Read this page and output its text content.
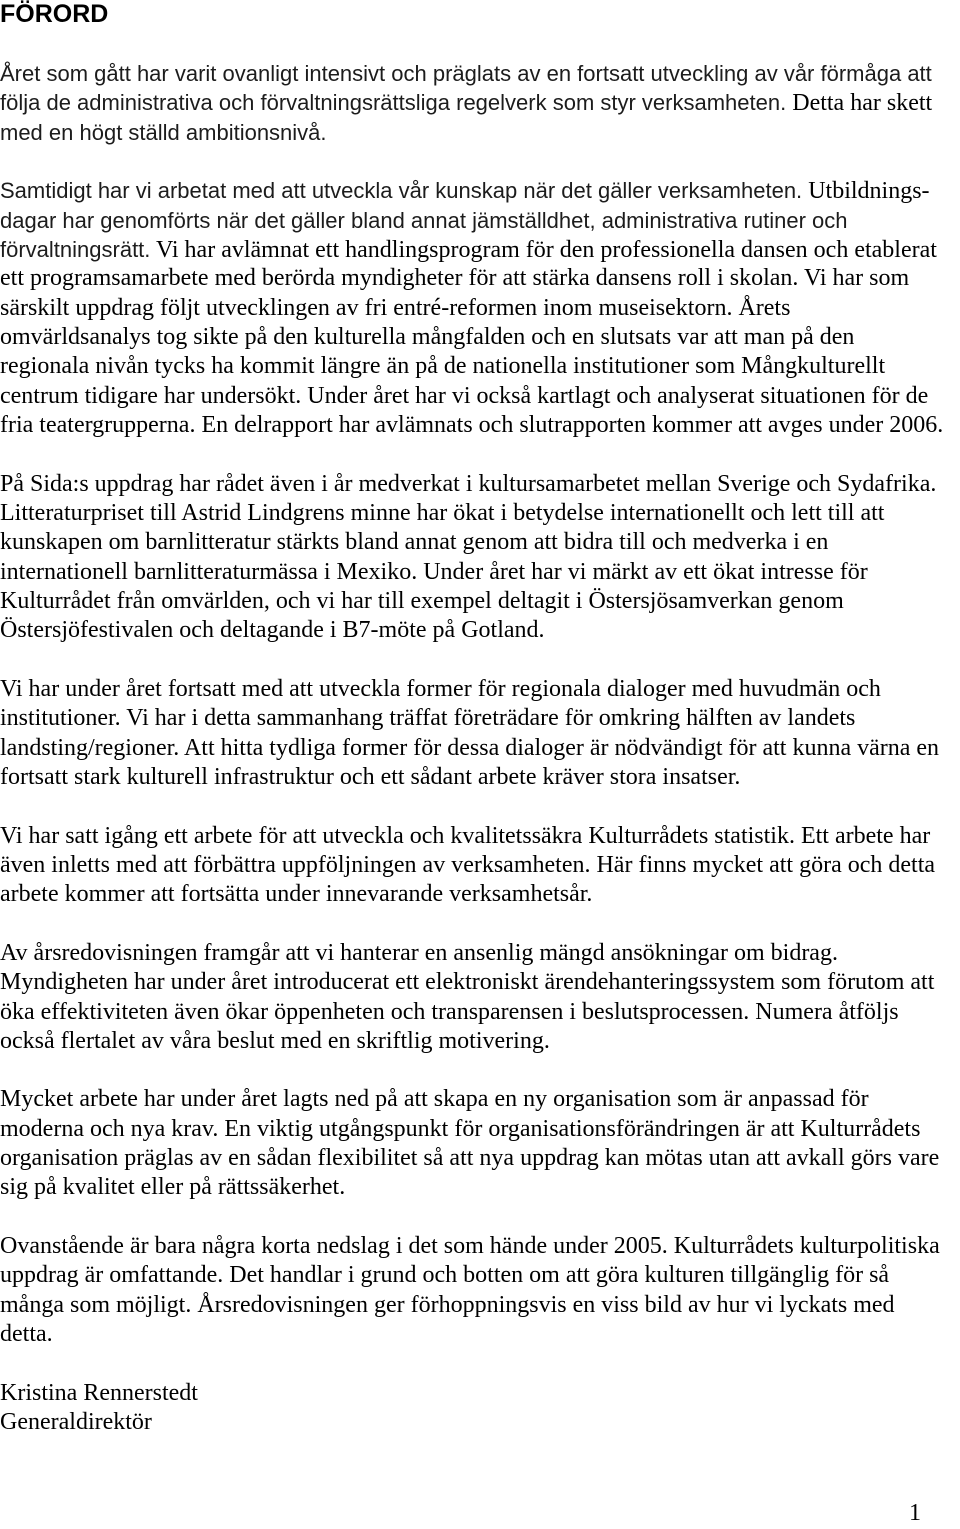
FÖRORD
Året som gått har varit ovanligt intensivt och präglats av en fortsatt utveckling av vår förmåga att
följa de administrativa och förvaltningsrättsliga regelverk som styr verksamheten. Detta har skett
med en högt ställd ambitionsnivå.
Samtidigt har vi arbetat med att utveckla vår kunskap när det gäller verksamheten. Utbildnings-
dagar har genomförts när det gäller bland annat jämställdhet, administrativa rutiner och
förvaltningsrätt. Vi har avlämnat ett handlingsprogram för den professionella dansen och etablerat
ett programsamarbete med berörda myndigheter för att stärka dansens roll i skolan. Vi har som
särskilt uppdrag följt utvecklingen av fri entré-reformen inom museisektorn. Årets
omvärldsanalys tog sikte på den kulturella mångfalden och en slutsats var att man på den
regionala nivån tycks ha kommit längre än på de nationella institutioner som Mångkulturellt
centrum tidigare har undersökt. Under året har vi också kartlagt och analyserat situationen för de
fria teatergrupperna. En delrapport har avlämnats och slutrapporten kommer att avges under 2006.
På Sida:s uppdrag har rådet även i år medverkat i kultursamarbetet mellan Sverige och Sydafrika.
Litteraturpriset till Astrid Lindgrens minne har ökat i betydelse internationellt och lett till att
kunskapen om barnlitteratur stärkts bland annat genom att bidra till och medverka i en
internationell barnlitteraturmässa i Mexiko. Under året har vi märkt av ett ökat intresse för
Kulturrådet från omvärlden, och vi har till exempel deltagit i Östersjösamverkan genom
Östersjöfestivalen och deltagande i B7-möte på Gotland.
Vi har under året fortsatt med att utveckla former för regionala dialoger med huvudmän och
institutioner. Vi har i detta sammanhang träffat företrädare för omkring hälften av landets
landsting/regioner. Att hitta tydliga former för dessa dialoger är nödvändigt för att kunna värna en
fortsatt stark kulturell infrastruktur och ett sådant arbete kräver stora insatser.
Vi har satt igång ett arbete för att utveckla och kvalitetssäkra Kulturrådets statistik. Ett arbete har
även inletts med att förbättra uppföljningen av verksamheten. Här finns mycket att göra och detta
arbete kommer att fortsätta under innevarande verksamhetsår.
Av årsredovisningen framgår att vi hanterar en ansenlig mängd ansökningar om bidrag.
Myndigheten har under året introducerat ett elektroniskt ärendehanteringssystem som förutom att
öka effektiviteten även ökar öppenheten och transparensen i beslutsprocessen. Numera åtföljs
också flertalet av våra beslut med en skriftlig motivering.
Mycket arbete har under året lagts ned på att skapa en ny organisation som är anpassad för
moderna och nya krav. En viktig utgångspunkt för organisationsförändringen är att Kulturrådets
organisation präglas av en sådan flexibilitet så att nya uppdrag kan mötas utan att avkall görs vare
sig på kvalitet eller på rättssäkerhet.
Ovanstående är bara några korta nedslag i det som hände under 2005. Kulturrådets kulturpolitiska
uppdrag är omfattande. Det handlar i grund och botten om att göra kulturen tillgänglig för så
många som möjligt. Årsredovisningen ger förhoppningsvis en viss bild av hur vi lyckats med
detta.
Kristina Rennerstedt
Generaldirektör
1
